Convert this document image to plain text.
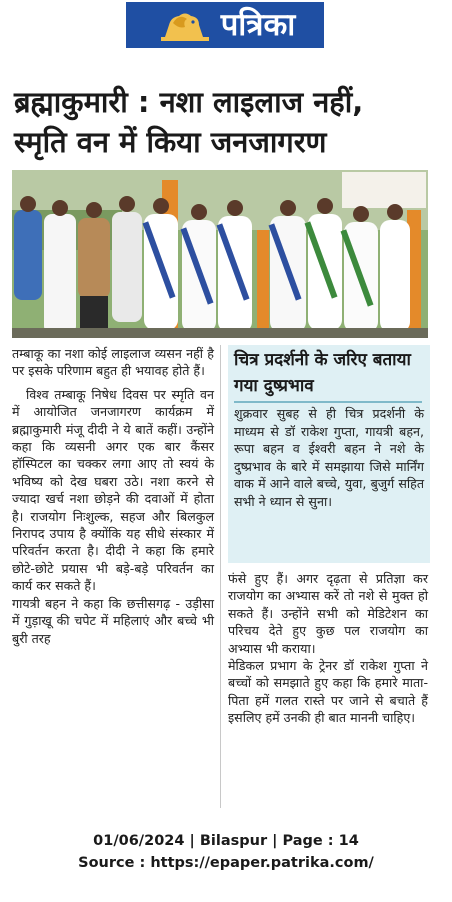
पत्रिका
ब्रह्माकुमारी : नशा लाइलाज नहीं,
स्मृति वन में किया जनजागरण

तम्बाकू का नशा कोई लाइलाज व्यसन नहीं है पर इसके परिणाम बहुत ही भयावह होते हैं।

विश्व तम्बाकू निषेध दिवस पर स्मृति वन में आयोजित जनजागरण कार्यक्रम में ब्रह्माकुमारी मंजू दीदी ने ये बातें कहीं। उन्होंने कहा कि व्यसनी अगर एक बार कैंसर हॉस्पिटल का चक्कर लगा आए तो स्वयं के भविष्य को देख घबरा उठे। नशा करने से ज्यादा खर्च नशा छोड़ने की दवाओं में होता है। राजयोग निःशुल्क, सहज और बिलकुल निरापद उपाय है क्योंकि यह सीधे संस्कार में परिवर्तन करता है। दीदी ने कहा कि हमारे छोटे-छोटे प्रयास भी बड़े-बड़े परिवर्तन का कार्य कर सकते हैं।

गायत्री बहन ने कहा कि छत्तीसगढ़ - उड़ीसा में गुड़ाखू की चपेट में महिलाएं और बच्चे भी बुरी तरह

चित्र प्रदर्शनी के जरिए बताया गया दुष्प्रभाव
शुक्रवार सुबह से ही चित्र प्रदर्शनी के माध्यम से डॉ राकेश गुप्ता, गायत्री बहन, रूपा बहन व ईश्वरी बहन ने नशे के दुष्प्रभाव के बारे में समझाया जिसे मार्निंग वाक में आने वाले बच्चे, युवा, बुजुर्ग सहित सभी ने ध्यान से सुना।

फंसे हुए हैं। अगर दृढ़ता से प्रतिज्ञा कर राजयोग का अभ्यास करें तो नशे से मुक्त हो सकते हैं। उन्होंने सभी को मेडिटेशन का परिचय देते हुए कुछ पल राजयोग का अभ्यास भी कराया।

मेडिकल प्रभाग के ट्रेनर डॉ राकेश गुप्ता ने बच्चों को समझाते हुए कहा कि हमारे माता- पिता हमें गलत रास्ते पर जाने से बचाते हैं इसलिए हमें उनकी ही बात माननी चाहिए।

01/06/2024 | Bilaspur | Page : 14
Source : https://epaper.patrika.com/
